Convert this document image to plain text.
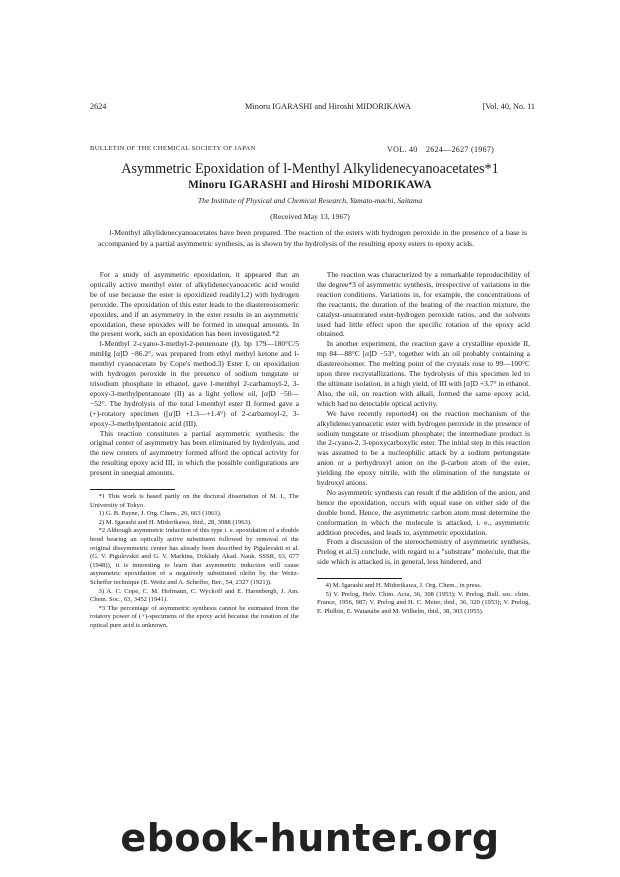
2624	Minoru IGARASHI and Hiroshi MIDORIKAWA	[Vol. 40, No. 11
BULLETIN OF THE CHEMICAL SOCIETY OF JAPAN	VOL. 40 2624—2627 (1967)
Asymmetric Epoxidation of l-Menthyl Alkylidenecyanoacetates*1
Minoru IGARASHI and Hiroshi MIDORIKAWA
The Institute of Physical and Chemical Research, Yamato-machi, Saitama
(Received May 13, 1967)

l-Menthyl alkylidenecyanoacetates have been prepared. The reaction of the esters with hydrogen peroxide in the presence of a base is accompanied by a partial asymmetric synthesis, as is shown by the hydrolysis of the resulting epoxy esters to epoxy acids.

For a study of asymmetric epoxidation, it appeared that an optically active menthyl ester of alkylidenecyanoacetic acid would be of use because the ester is epoxidized readily1,2) with hydrogen peroxide. The epoxidation of this ester leads to the diastereoisomeric epoxides, and if an asymmetry in the ester results in an asymmetric epoxidation, these epoxides will be formed in unequal amounts. In the present work, such an epoxidation has been investigated.*2

l-Menthyl 2-cyano-3-methyl-2-pentenoate (I), bp 179—180°C/5 mmHg [α]D −86.2°, was prepared from ethyl methyl ketone and l-menthyl cyanoacetate by Cope's method.3) Ester I, on epoxidation with hydrogen peroxide in the presence of sodium tungstate or trisodium phosphate in ethanol, gave l-menthyl 2-carbamoyl-2, 3-epoxy-3-methylpentanoate (II) as a light yellow oil, [α]D −50—−52°. The hydrolysis of the total l-menthyl ester II formed gave a (+)-rotatory specimen ([α]D +1.3—+1.4°) of 2-carbamoyl-2, 3-epoxy-3-methylpentanoic acid (III).

This reaction constitutes a partial asymmetric synthesis: the original center of asymmetry has been eliminated by hydrolysis, and the new centers of asymmetry formed afford the optical activity for the resulting epoxy acid III, in which the possible configurations are present in unequal amounts.

*1 This work is based partly on the doctoral dissertation of M. I., The University of Tokyo.

1) G. B. Payne, J. Org. Chem., 26, 663 (1961).

2) M. Igarashi and H. Midorikawa, ibid., 28, 3088 (1963).

*2 Although asymmetric induction of this type i. e. epoxidation of a double bond bearing an optically active substituent followed by removal of the original dissymmetric center has already been described by Pigulevskii et al. (G. V. Pigulevskii and G. V. Markina, Doklady Akad. Nauk. SSSR, 63, 677 (1948)), it is interesting to learn that asymmetric induction will cause asymmetric epoxidation of a negatively substituted olefin by the Weitz-Scheffer technique (E. Weitz and A. Scheffer, Ber., 54, 2327 (1921)).

3) A. C. Cope, C. M. Hofmann, C. Wyckoff and E. Harenbergh, J. Am. Chem. Soc., 63, 3452 (1941).

*3 The percentage of asymmetric synthesis cannot be estimated from the rotatory power of (+)-specimens of the epoxy acid because the rotation of the optical pure acid is unknown.

The reaction was characterized by a remarkable reproducibility of the degree*3 of asymmetric synthesis, irrespective of variations in the reaction conditions. Variations in, for example, the concentrations of the reactants, the duration of the heating of the reaction mixture, the catalyst-unsaturated ester-hydrogen peroxide ratios, and the solvents used had little effect upon the specific rotation of the epoxy acid obtained.

In another experiment, the reaction gave a crystalline epoxide II, mp 84—88°C [α]D −53°, together with an oil probably containing a diastereoisomer. The melting point of the crystals rose to 99—100°C upon three recrystallizations. The hydrolysis of this specimen led to the ultimate isolation, in a high yield, of III with [α]D +3.7° in ethanol. Also, the oil, on reaction with alkali, formed the same epoxy acid, which had no detectable optical activity.

We have recently reported4) on the reaction mechanism of the alkylidenecyanoacetic ester with hydrogen peroxide in the presence of sodium tungstate or trisodium phosphate; the intermediate product is the 2-cyano-2, 3-epoxycarboxylic ester. The initial step in this reaction was assumed to be a nucleophilic attack by a sodium pertungstate anion or a perhydroxyl anion on the β-carbon atom of the ester, yielding the epoxy nitrile, with the elimination of the tungstate or hydroxyl anions.

No asymmetric synthesis can result if the addition of the anion, and hence the epoxidation, occurs with equal ease on either side of the double bond. Hence, the asymmetric carbon atom must determine the conformation in which the molecule is attacked, i. e., asymmetric addition precedes, and leads to, asymmetric epoxidation.

From a discussion of the stereochemistry of asymmetric synthesis, Prelog et al.5) conclude, with regard to a "substrate" molecule, that the side which is attacked is, in general, less hindered, and

4) M. Igarashi and H. Midorikawa, J. Org. Chem., in press.

5) V. Prelog, Helv. Chim. Acta, 36, 308 (1953); V. Prelog, Bull. soc. chim. France, 1956, 987; V. Prelog and H. C. Meier, ibid., 36, 320 (1953); V. Prelog, E. Philbin, E. Watanabe and M. Wilhelm, ibid., 38, 303 (1955).

ebook-hunter.org
